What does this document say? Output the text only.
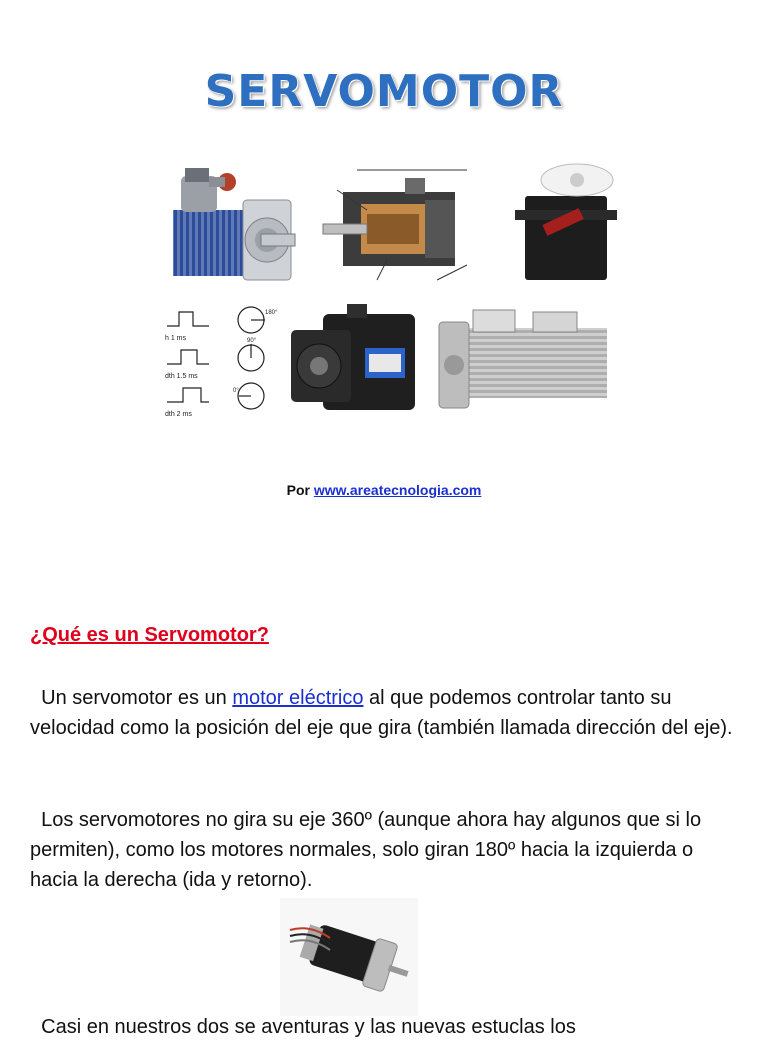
SERVOMOTOR
h 1 ms
dth 1.5 ms
dth 2 ms
180°
90°
0°
Por www.areatecnologia.com
¿Qué es un Servomotor?
Un servomotor es un motor eléctrico al que podemos controlar tanto su velocidad como la posición del eje que gira (también llamada dirección del eje).
Los servomotores no gira su eje 360º (aunque ahora hay algunos que si lo permiten), como los motores normales, solo giran 180º hacia la izquierda o hacia la derecha (ida y retorno).
Casi en nuestros dos se aventuras y las nuevas estuclas los
